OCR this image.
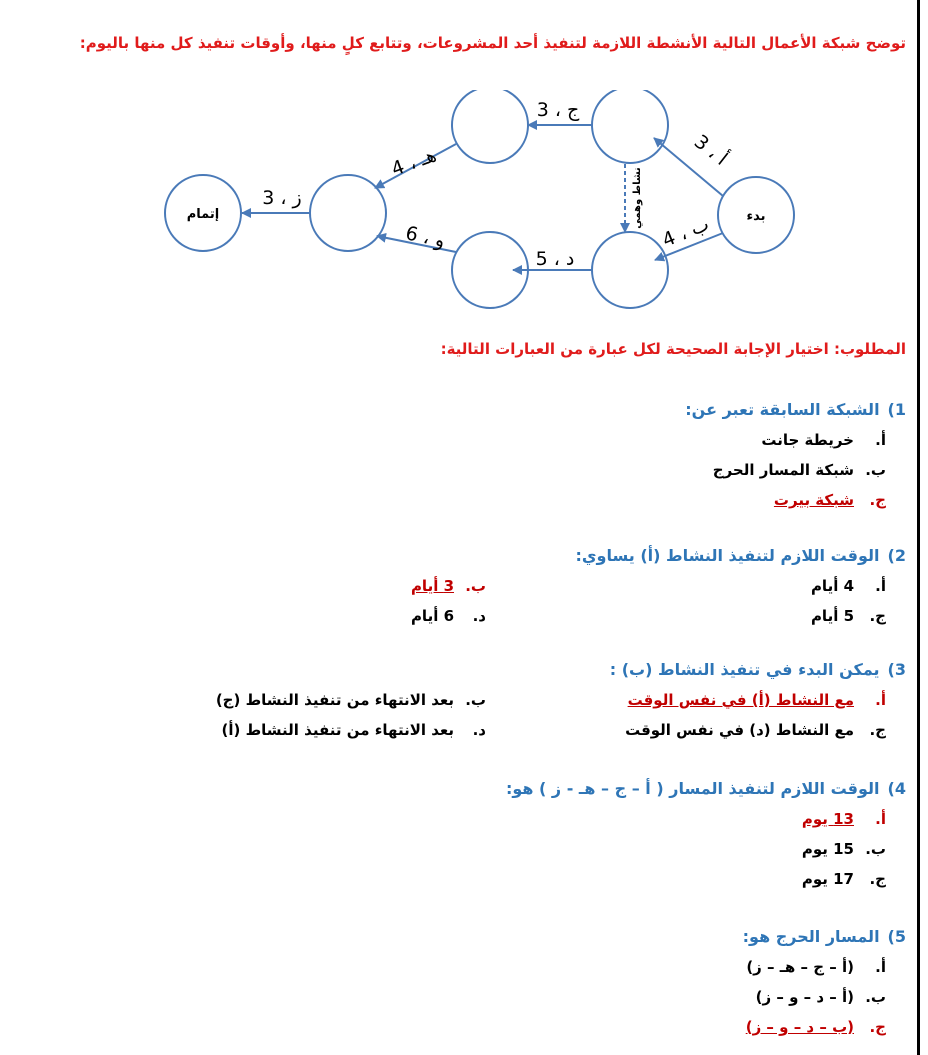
توضح شبكة الأعمال التالية الأنشطة اللازمة لتنفيذ أحد المشروعات، وتتابع كلٍ منها، وأوقات تنفيذ كل منها باليوم:
بدء
إتمام
أ ، 3
ب ، 4
ج ، 3
د ، 5
هـ ، 4
و ، 6
ز ، 3	نشاط وهمي
المطلوب: اختيار الإجابة الصحيحة لكل عبارة من العبارات التالية:
1)الشبكة السابقة تعبر عن:
أ.خريطة جانت
ب.شبكة المسار الحرج
ج.شبكة بيرت
2)الوقت اللازم لتنفيذ النشاط (أ) يساوي:
أ.4 أيام
ب.3 أيام
ج.5 أيام
د.6 أيام
3)يمكن البدء في تنفيذ النشاط (ب) :
أ.مع النشاط (أ) في نفس الوقت
ب.بعد الانتهاء من تنفيذ النشاط (ج)
ج.مع النشاط (د) في نفس الوقت
د.بعد الانتهاء من تنفيذ النشاط (أ)
4)الوقت اللازم لتنفيذ المسار ( أ – ج – هـ - ز ) هو:
أ.13 يوم
ب.15 يوم
ج.17 يوم
5)المسار الحرج هو:
أ.(أ – ج – هـ – ز)
ب.(أ – د – و – ز)
ج.(ب – د – و – ز)
